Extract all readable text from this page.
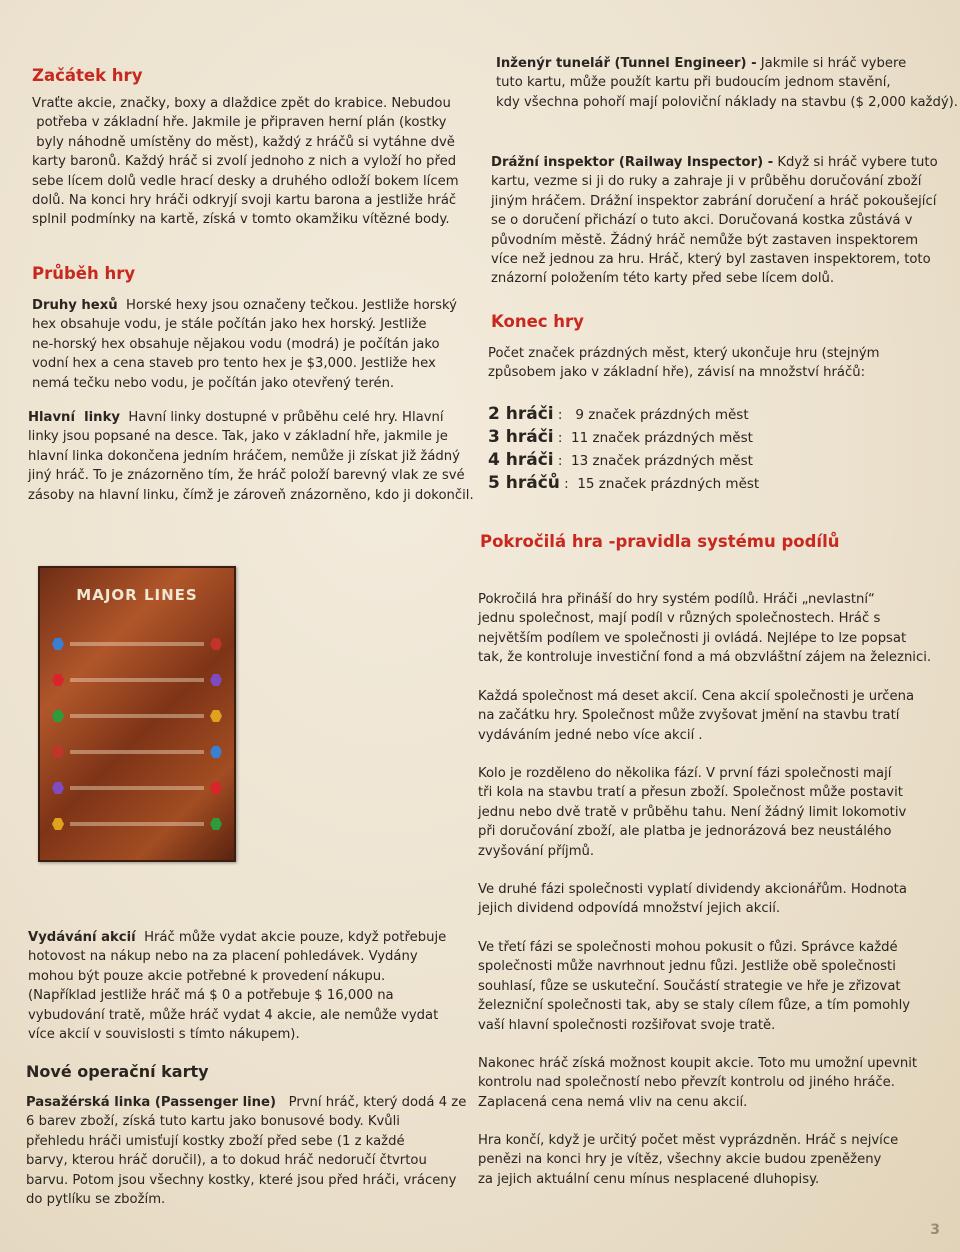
Začátek hry
Vraťte akcie, značky, boxy a dlaždice zpět do krabice. Nebudou
potřeba v základní hře. Jakmile je připraven herní plán (kostky
byly náhodně umístěny do měst), každý z hráčů si vytáhne dvě
karty baronů. Každý hráč si zvolí jednoho z nich a vyloží ho před
sebe lícem dolů vedle hrací desky a druhého odloží bokem lícem
dolů. Na konci hry hráči odkryjí svoji kartu barona a jestliže hráč
splnil podmínky na kartě, získá v tomto okamžiku vítězné body.
Průběh hry
Druhy hexů Horské hexy jsou označeny tečkou. Jestliže horský
hex obsahuje vodu, je stále počítán jako hex horský. Jestliže
ne-horský hex obsahuje nějakou vodu (modrá) je počítán jako
vodní hex a cena staveb pro tento hex je $3,000. Jestliže hex
nemá tečku nebo vodu, je počítán jako otevřený terén.
Hlavní  linky Havní linky dostupné v průběhu celé hry. Hlavní
linky jsou popsané na desce. Tak, jako v základní hře, jakmile je
hlavní linka dokončena jedním hráčem, nemůže ji získat již žádný
jiný hráč. To je znázorněno tím, že hráč položí barevný vlak ze své
zásoby na hlavní linku, čímž je zároveň znázorněno, kdo ji dokončil.
MAJOR LINES
Vydávání akcií Hráč může vydat akcie pouze, když potřebuje
hotovost na nákup nebo na za placení pohledávek. Vydány
mohou být pouze akcie potřebné k provedení nákupu.
(Například jestliže hráč má $ 0 a potřebuje $ 16,000 na
vybudování tratě, může hráč vydat 4 akcie, ale nemůže vydat
více akcií v souvislosti s tímto nákupem).
Nové operační karty
Pasažérská linka (Passenger line) První hráč, který dodá 4 ze
6 barev zboží, získá tuto kartu jako bonusové body. Kvůli
přehledu hráči umisťují kostky zboží před sebe (1 z každé
barvy, kterou hráč doručil), a to dokud hráč nedoručí čtvrtou
barvu. Potom jsou všechny kostky, které jsou před hráči, vráceny
do pytlíku se zbožím.
Inženýr tunelář (Tunnel Engineer) - Jakmile si hráč vybere
tuto kartu, může použít kartu při budoucím jednom stavění,
kdy všechna pohoří mají poloviční náklady na stavbu ($ 2,000 každý).
Drážní inspektor (Railway Inspector) - Když si hráč vybere tuto
kartu, vezme si ji do ruky a zahraje ji v průběhu doručování zboží
jiným hráčem. Drážní inspektor zabrání doručení a hráč pokoušející
se o doručení přichází o tuto akci. Doručovaná kostka zůstává v
původním městě. Žádný hráč nemůže být zastaven inspektorem
více než jednou za hru. Hráč, který byl zastaven inspektorem, toto
znázorní položením této karty před sebe lícem dolů.
Konec hry
Počet značek prázdných měst, který ukončuje hru (stejným
způsobem jako v základní hře), závisí na množství hráčů:
2 hráči : 9 značek prázdných měst
3 hráči : 11 značek prázdných měst
4 hráči : 13 značek prázdných měst
5 hráčů : 15 značek prázdných měst
Pokročilá hra -pravidla systému podílů
Pokročilá hra přináší do hry systém podílů. Hráči „nevlastní“
jednu společnost, mají podíl v různých společnostech. Hráč s
největším podílem ve společnosti ji ovládá. Nejlépe to lze popsat
tak, že kontroluje investiční fond a má obzvláštní zájem na železnici.
Každá společnost má deset akcií. Cena akcií společnosti je určena
na začátku hry. Společnost může zvyšovat jmění na stavbu tratí
vydáváním jedné nebo více akcií .
Kolo je rozděleno do několika fází. V první fázi společnosti mají
tři kola na stavbu tratí a přesun zboží. Společnost může postavit
jednu nebo dvě tratě v průběhu tahu. Není žádný limit lokomotiv
při doručování zboží, ale platba je jednorázová bez neustálého
zvyšování příjmů.
Ve druhé fázi společnosti vyplatí dividendy akcionářům. Hodnota
jejich dividend odpovídá množství jejich akcií.
Ve třetí fázi se společnosti mohou pokusit o fůzi. Správce každé
společnosti může navrhnout jednu fůzi. Jestliže obě společnosti
souhlasí, fůze se uskuteční. Součástí strategie ve hře je zřizovat
železniční společnosti tak, aby se staly cílem fůze, a tím pomohly
vaší hlavní společnosti rozšiřovat svoje tratě.
Nakonec hráč získá možnost koupit akcie. Toto mu umožní upevnit
kontrolu nad společností nebo převzít kontrolu od jiného hráče.
Zaplacená cena nemá vliv na cenu akcií.
Hra končí, když je určitý počet měst vyprázdněn. Hráč s nejvíce
penězi na konci hry je vítěz, všechny akcie budou zpeněženy
za jejich aktuální cenu mínus nesplacené dluhopisy.
3
